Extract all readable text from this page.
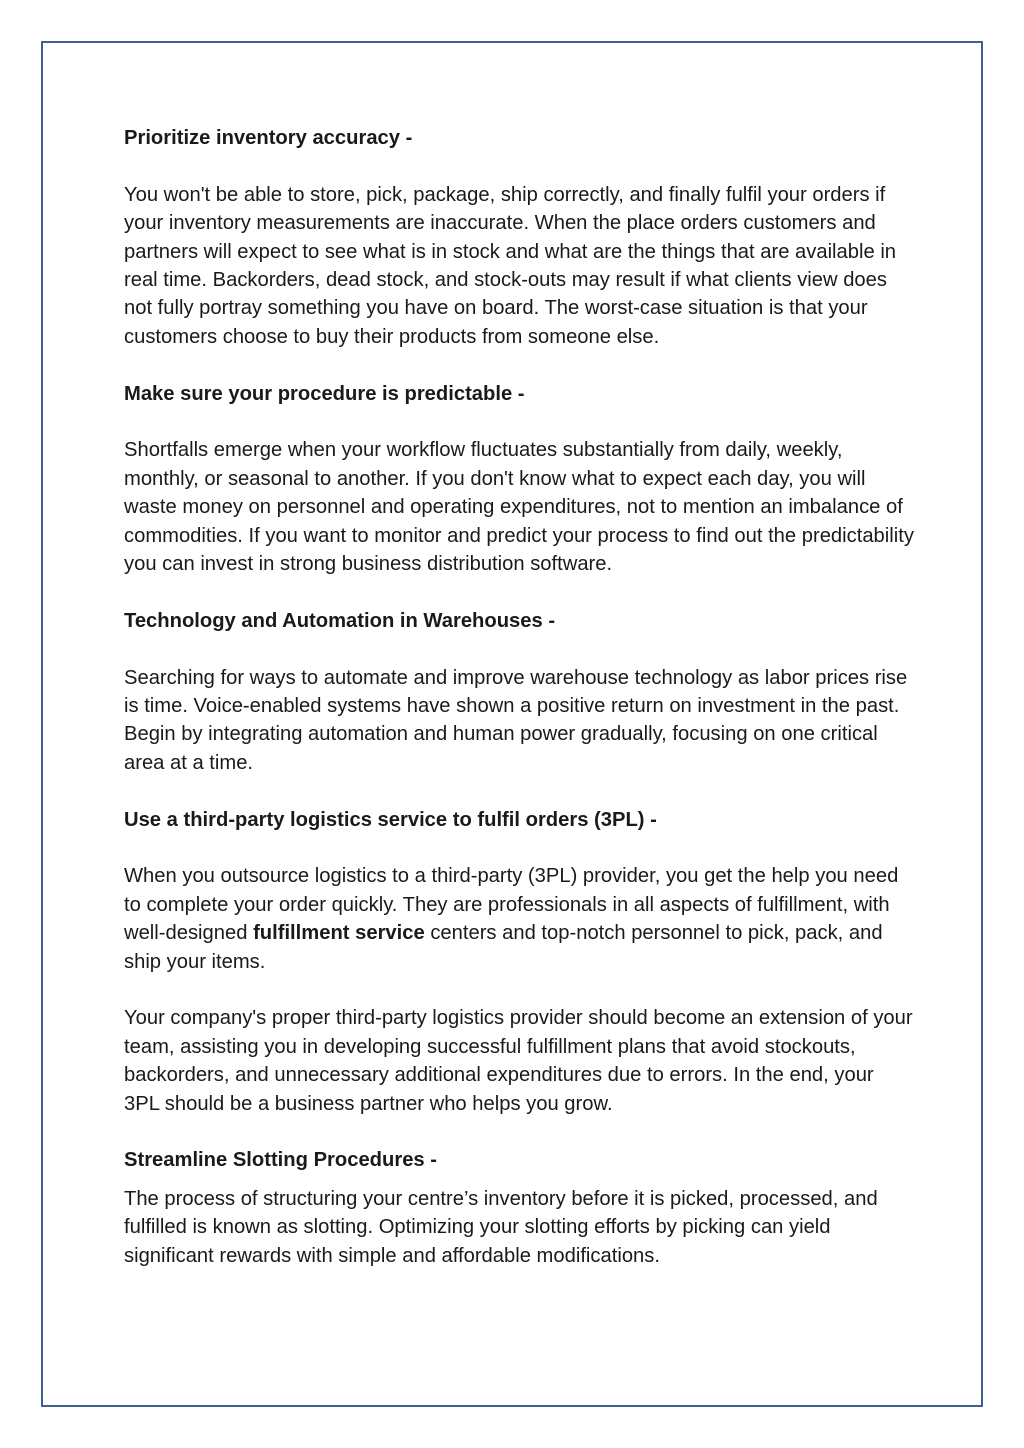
Prioritize inventory accuracy -

You won't be able to store, pick, package, ship correctly, and finally fulfil your orders if your inventory measurements are inaccurate. When the place orders customers and partners will expect to see what is in stock and what are the things that are available in real time. Backorders, dead stock, and stock-outs may result if what clients view does not fully portray something you have on board. The worst-case situation is that your customers choose to buy their products from someone else.

Make sure your procedure is predictable -

Shortfalls emerge when your workflow fluctuates substantially from daily, weekly, monthly, or seasonal to another. If you don't know what to expect each day, you will waste money on personnel and operating expenditures, not to mention an imbalance of commodities. If you want to monitor and predict your process to find out the predictability you can invest in strong business distribution software.

Technology and Automation in Warehouses -

Searching for ways to automate and improve warehouse technology as labor prices rise is time. Voice-enabled systems have shown a positive return on investment in the past. Begin by integrating automation and human power gradually, focusing on one critical area at a time.

Use a third-party logistics service to fulfil orders (3PL) -

When you outsource logistics to a third-party (3PL) provider, you get the help you need to complete your order quickly. They are professionals in all aspects of fulfillment, with well-designed fulfillment service centers and top-notch personnel to pick, pack, and ship your items.

Your company's proper third-party logistics provider should become an extension of your team, assisting you in developing successful fulfillment plans that avoid stockouts, backorders, and unnecessary additional expenditures due to errors. In the end, your 3PL should be a business partner who helps you grow.

Streamline Slotting Procedures -

The process of structuring your centre’s inventory before it is picked, processed, and fulfilled is known as slotting. Optimizing your slotting efforts by picking can yield significant rewards with simple and affordable modifications.
